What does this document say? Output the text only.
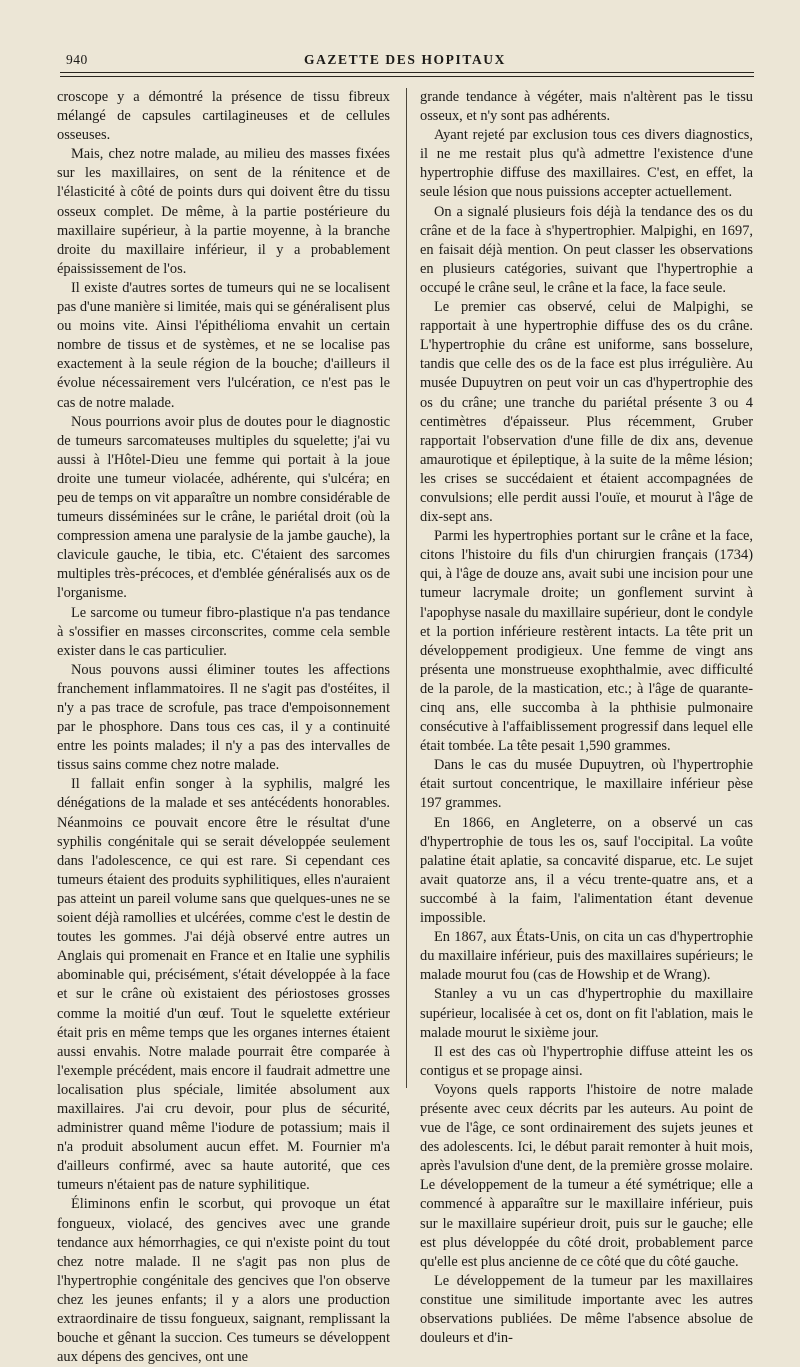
940	GAZETTE DES HOPITAUX

croscope y a démontré la présence de tissu fibreux mélangé de capsules cartilagineuses et de cellules osseuses.

Mais, chez notre malade, au milieu des masses fixées sur les maxillaires, on sent de la rénitence et de l'élasticité à côté de points durs qui doivent être du tissu osseux complet. De même, à la partie postérieure du maxillaire supérieur, à la partie moyenne, à la branche droite du maxillaire inférieur, il y a probablement épaississement de l'os.

Il existe d'autres sortes de tumeurs qui ne se localisent pas d'une manière si limitée, mais qui se généralisent plus ou moins vite. Ainsi l'épithélioma envahit un certain nombre de tissus et de systèmes, et ne se localise pas exactement à la seule région de la bouche; d'ailleurs il évolue nécessairement vers l'ulcération, ce n'est pas le cas de notre malade.

Nous pourrions avoir plus de doutes pour le diagnostic de tumeurs sarcomateuses multiples du squelette; j'ai vu aussi à l'Hôtel-Dieu une femme qui portait à la joue droite une tumeur violacée, adhérente, qui s'ulcéra; en peu de temps on vit apparaître un nombre considérable de tumeurs disséminées sur le crâne, le pariétal droit (où la compression amena une paralysie de la jambe gauche), la clavicule gauche, le tibia, etc. C'étaient des sarcomes multiples très-précoces, et d'emblée généralisés aux os de l'organisme.

Le sarcome ou tumeur fibro-plastique n'a pas tendance à s'ossifier en masses circonscrites, comme cela semble exister dans le cas particulier.

Nous pouvons aussi éliminer toutes les affections franchement inflammatoires. Il ne s'agit pas d'ostéites, il n'y a pas trace de scrofule, pas trace d'empoisonnement par le phosphore. Dans tous ces cas, il y a continuité entre les points malades; il n'y a pas des intervalles de tissus sains comme chez notre malade.

Il fallait enfin songer à la syphilis, malgré les dénégations de la malade et ses antécédents honorables. Néanmoins ce pouvait encore être le résultat d'une syphilis congénitale qui se serait développée seulement dans l'adolescence, ce qui est rare. Si cependant ces tumeurs étaient des produits syphilitiques, elles n'auraient pas atteint un pareil volume sans que quelques-unes ne se soient déjà ramollies et ulcérées, comme c'est le destin de toutes les gommes. J'ai déjà observé entre autres un Anglais qui promenait en France et en Italie une syphilis abominable qui, précisément, s'était développée à la face et sur le crâne où existaient des périostoses grosses comme la moitié d'un œuf. Tout le squelette extérieur était pris en même temps que les organes internes étaient aussi envahis. Notre malade pourrait être comparée à l'exemple précédent, mais encore il faudrait admettre une localisation plus spéciale, limitée absolument aux maxillaires. J'ai cru devoir, pour plus de sécurité, administrer quand même l'iodure de potassium; mais il n'a produit absolument aucun effet. M. Fournier m'a d'ailleurs confirmé, avec sa haute autorité, que ces tumeurs n'étaient pas de nature syphilitique.

Éliminons enfin le scorbut, qui provoque un état fongueux, violacé, des gencives avec une grande tendance aux hémorrhagies, ce qui n'existe point du tout chez notre malade. Il ne s'agit pas non plus de l'hypertrophie congénitale des gencives que l'on observe chez les jeunes enfants; il y a alors une production extraordinaire de tissu fongueux, saignant, remplissant la bouche et gênant la succion. Ces tumeurs se développent aux dépens des gencives, ont une

grande tendance à végéter, mais n'altèrent pas le tissu osseux, et n'y sont pas adhérents.

Ayant rejeté par exclusion tous ces divers diagnostics, il ne me restait plus qu'à admettre l'existence d'une hypertrophie diffuse des maxillaires. C'est, en effet, la seule lésion que nous puissions accepter actuellement.

On a signalé plusieurs fois déjà la tendance des os du crâne et de la face à s'hypertrophier. Malpighi, en 1697, en faisait déjà mention. On peut classer les observations en plusieurs catégories, suivant que l'hypertrophie a occupé le crâne seul, le crâne et la face, la face seule.

Le premier cas observé, celui de Malpighi, se rapportait à une hypertrophie diffuse des os du crâne. L'hypertrophie du crâne est uniforme, sans bosselure, tandis que celle des os de la face est plus irrégulière. Au musée Dupuytren on peut voir un cas d'hypertrophie des os du crâne; une tranche du pariétal présente 3 ou 4 centimètres d'épaisseur. Plus récemment, Gruber rapportait l'observation d'une fille de dix ans, devenue amaurotique et épileptique, à la suite de la même lésion; les crises se succédaient et étaient accompagnées de convulsions; elle perdit aussi l'ouïe, et mourut à l'âge de dix-sept ans.

Parmi les hypertrophies portant sur le crâne et la face, citons l'histoire du fils d'un chirurgien français (1734) qui, à l'âge de douze ans, avait subi une incision pour une tumeur lacrymale droite; un gonflement survint à l'apophyse nasale du maxillaire supérieur, dont le condyle et la portion inférieure restèrent intacts. La tête prit un développement prodigieux. Une femme de vingt ans présenta une monstrueuse exophthalmie, avec difficulté de la parole, de la mastication, etc.; à l'âge de quarante-cinq ans, elle succomba à la phthisie pulmonaire consécutive à l'affaiblissement progressif dans lequel elle était tombée. La tête pesait 1,590 grammes.

Dans le cas du musée Dupuytren, où l'hypertrophie était surtout concentrique, le maxillaire inférieur pèse 197 grammes.

En 1866, en Angleterre, on a observé un cas d'hypertrophie de tous les os, sauf l'occipital. La voûte palatine était aplatie, sa concavité disparue, etc. Le sujet avait quatorze ans, il a vécu trente-quatre ans, et a succombé à la faim, l'alimentation étant devenue impossible.

En 1867, aux États-Unis, on cita un cas d'hypertrophie du maxillaire inférieur, puis des maxillaires supérieurs; le malade mourut fou (cas de Howship et de Wrang).

Stanley a vu un cas d'hypertrophie du maxillaire supérieur, localisée à cet os, dont on fit l'ablation, mais le malade mourut le sixième jour.

Il est des cas où l'hypertrophie diffuse atteint les os contigus et se propage ainsi.

Voyons quels rapports l'histoire de notre malade présente avec ceux décrits par les auteurs. Au point de vue de l'âge, ce sont ordinairement des sujets jeunes et des adolescents. Ici, le début parait remonter à huit mois, après l'avulsion d'une dent, de la première grosse molaire. Le développement de la tumeur a été symétrique; elle a commencé à apparaître sur le maxillaire inférieur, puis sur le maxillaire supérieur droit, puis sur le gauche; elle est plus développée du côté droit, probablement parce qu'elle est plus ancienne de ce côté que du côté gauche.

Le développement de la tumeur par les maxillaires constitue une similitude importante avec les autres observations publiées. De même l'absence absolue de douleurs et d'in-
